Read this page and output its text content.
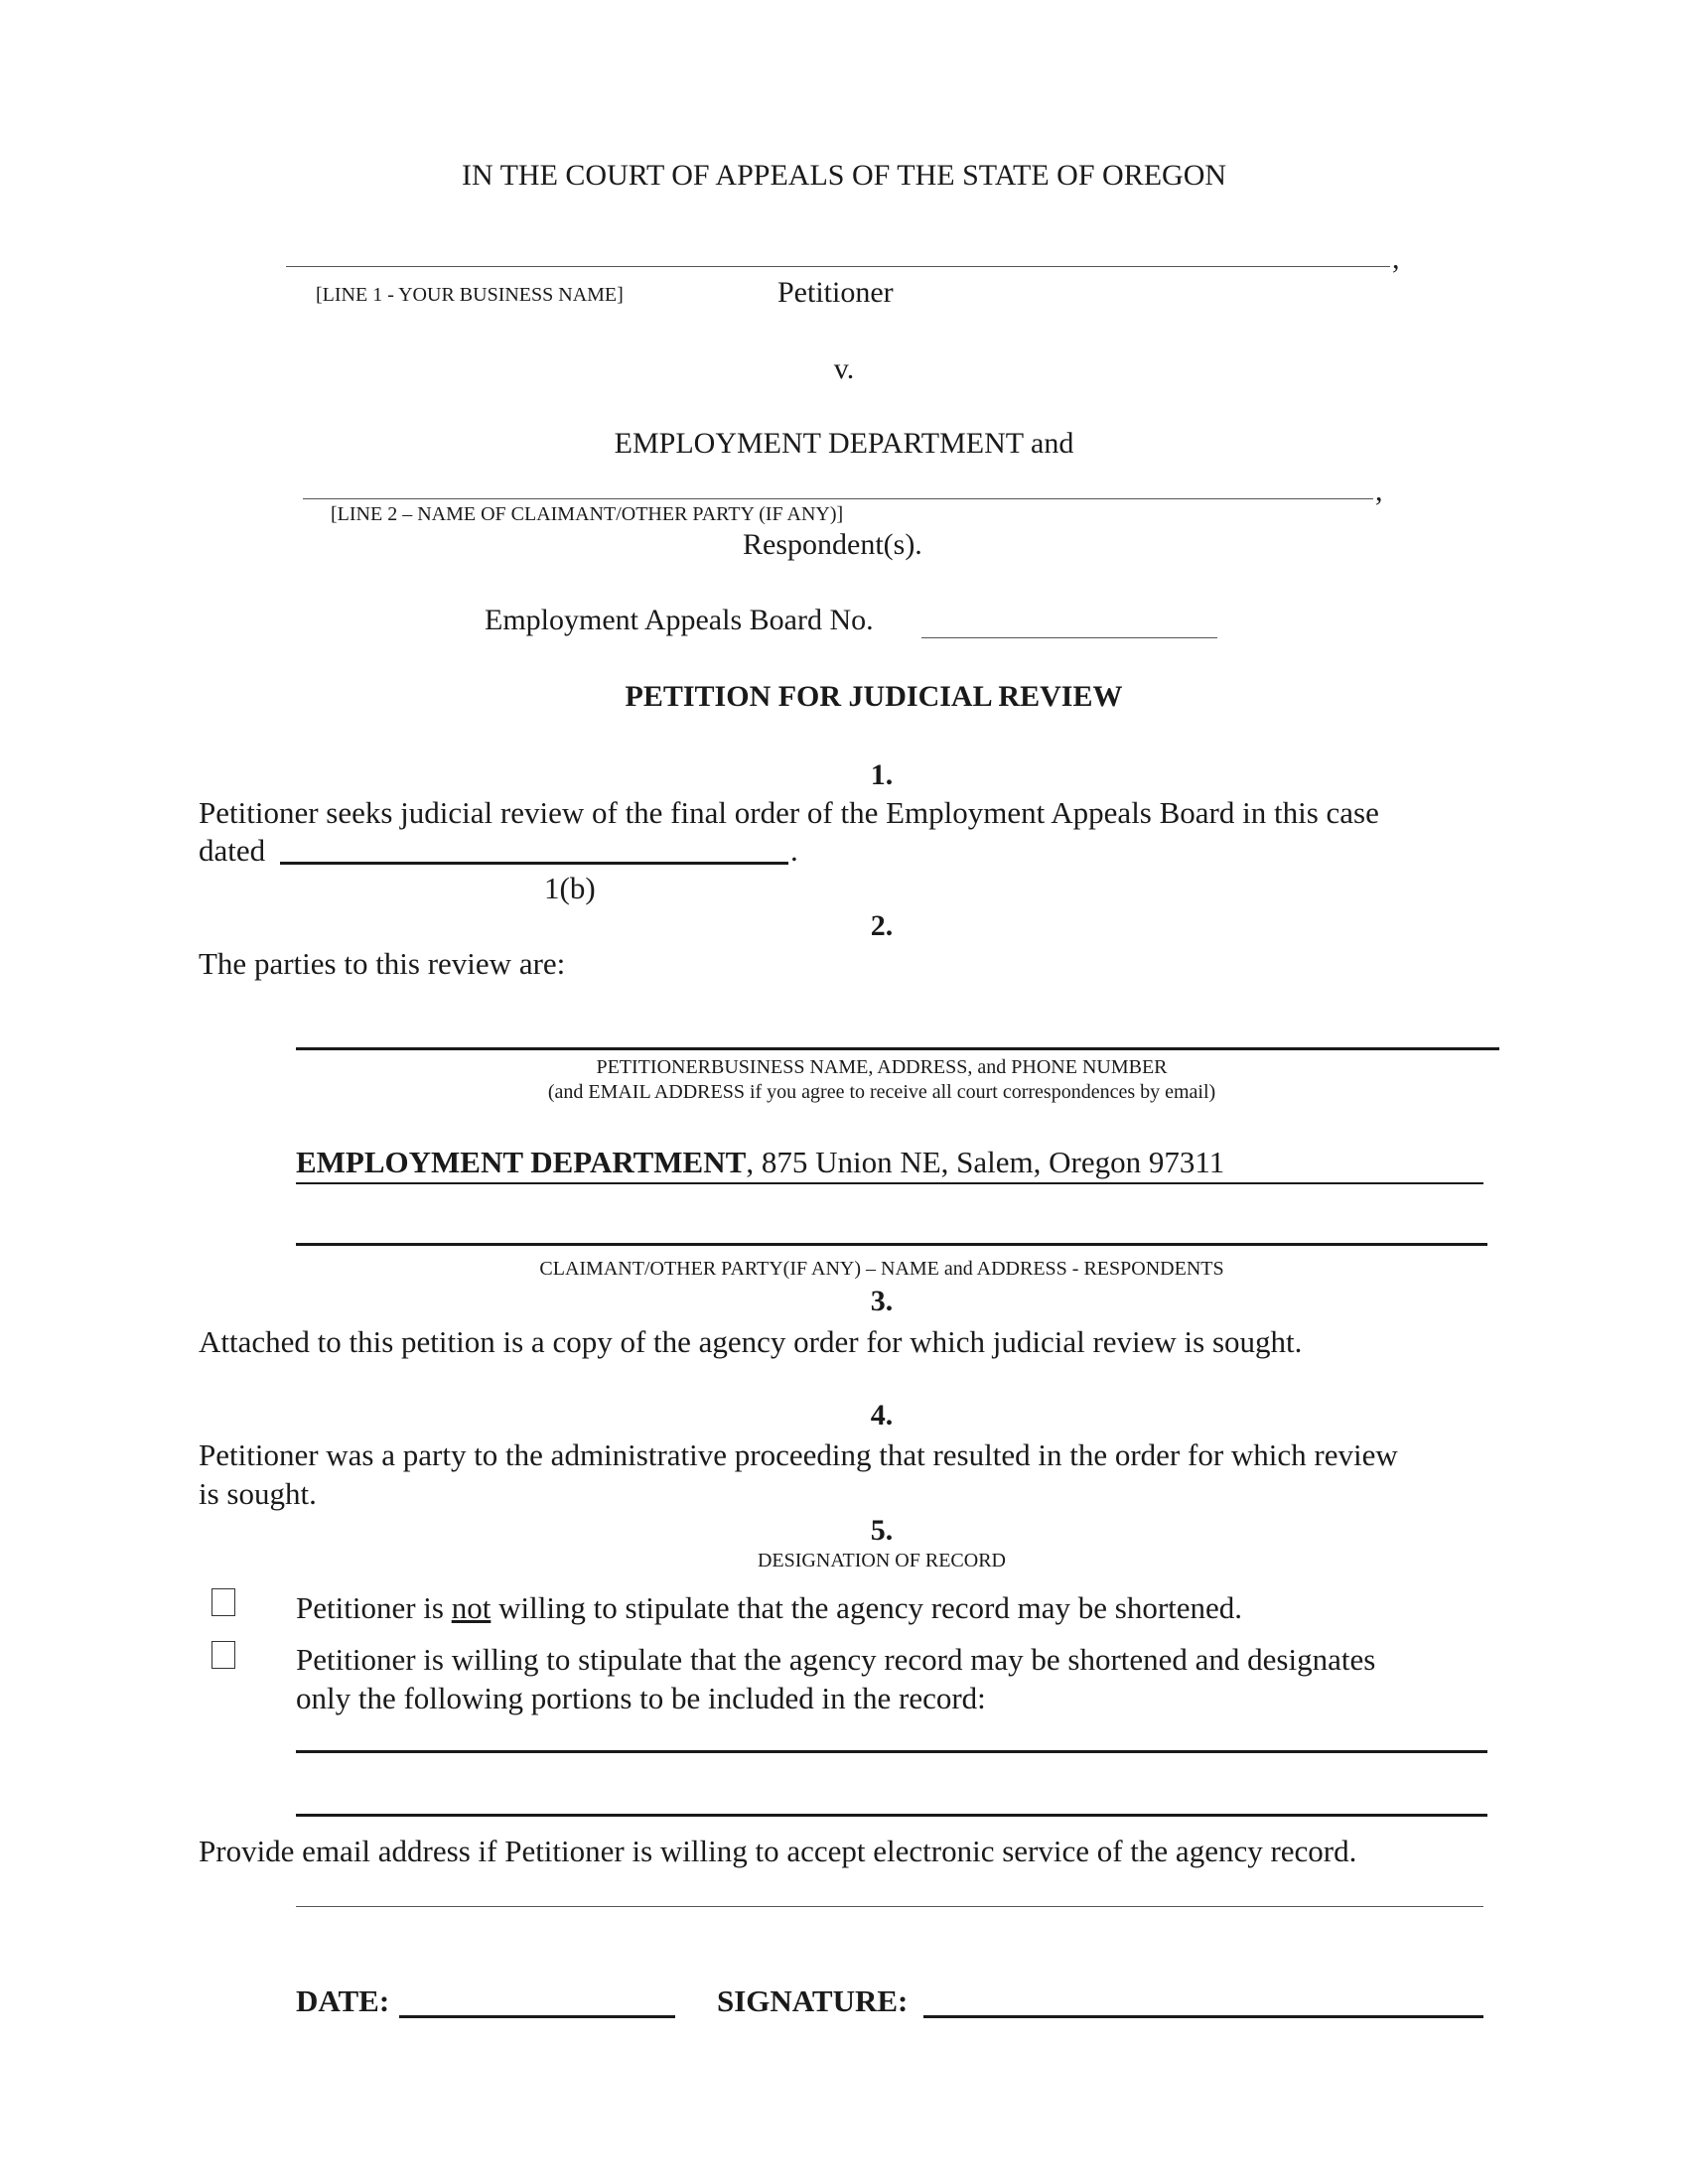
IN THE COURT OF APPEALS OF THE STATE OF OREGON
,
[LINE 1 - YOUR BUSINESS NAME]	Petitioner
v.
EMPLOYMENT DEPARTMENT and
,
[LINE 2 – NAME OF CLAIMANT/OTHER PARTY (IF ANY)]
Respondent(s).
Employment Appeals Board No.
PETITION FOR JUDICIAL REVIEW
1.
Petitioner seeks judicial review of the final order of the Employment Appeals Board in this case
dated	.
1(b)
2.
The parties to this review are:
PETITIONERBUSINESS NAME, ADDRESS, and PHONE NUMBER
(and EMAIL ADDRESS if you agree to receive all court correspondences by email)
EMPLOYMENT DEPARTMENT, 875 Union NE, Salem, Oregon 97311
CLAIMANT/OTHER PARTY(IF ANY) – NAME and ADDRESS - RESPONDENTS
3.
Attached to this petition is a copy of the agency order for which judicial review is sought.
4.
Petitioner was a party to the administrative proceeding that resulted in the order for which review
is sought.
5.
DESIGNATION OF RECORD
Petitioner is not willing to stipulate that the agency record may be shortened.
Petitioner is willing to stipulate that the agency record may be shortened and designates
only the following portions to be included in the record:
Provide email address if Petitioner is willing to accept electronic service of the agency record.
DATE:	SIGNATURE:
